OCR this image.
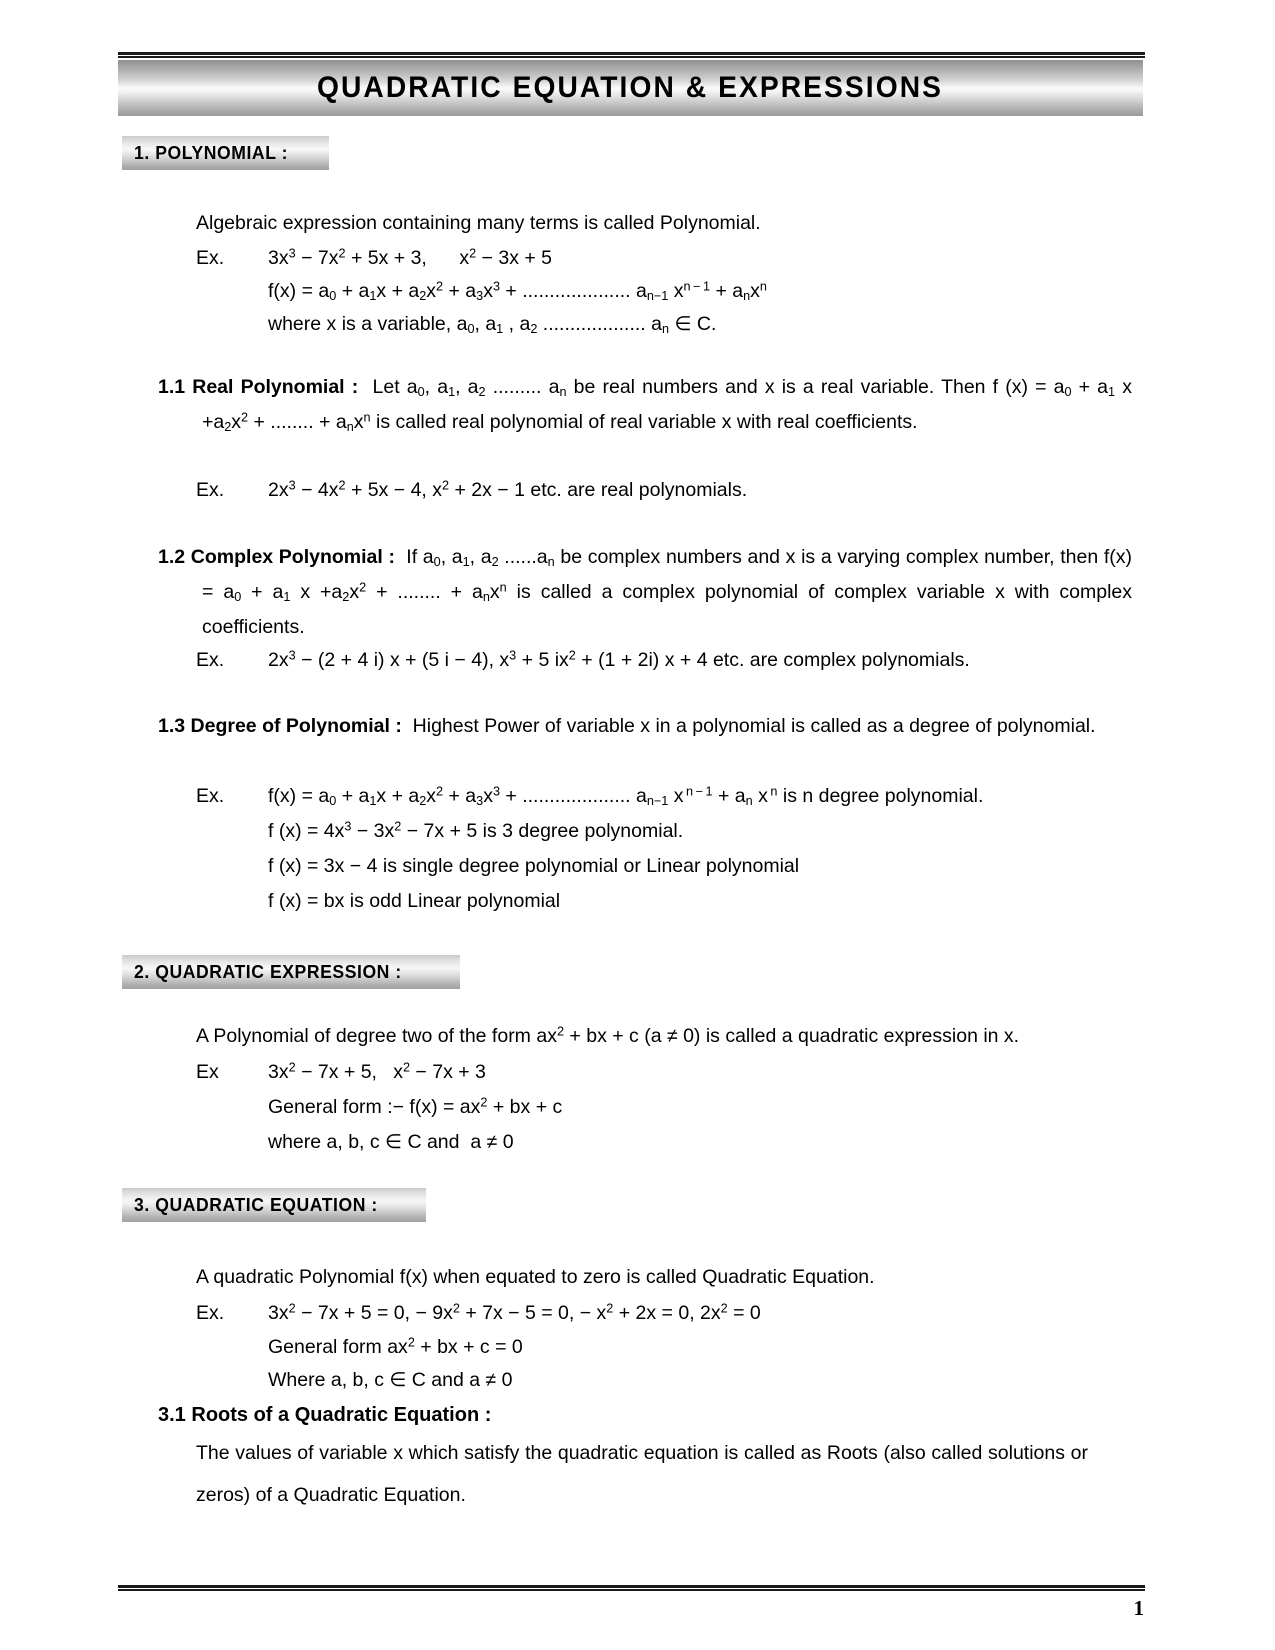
QUADRATIC EQUATION & EXPRESSIONS
1. POLYNOMIAL :
Algebraic expression containing many terms is called Polynomial.
Ex.	$3x^3 - 7x^2 + 5x + 3$,      $x^2 - 3x + 5$
$f(x) = a_0 + a_1x + a_2x^2 + a_3x^3$ + .................... $a_{n-1}$ $x^{n - 1} + a_nx^n$
where x is a variable, $a_0$, $a_1$ , $a_2$ ................... $a_n$ ∈ C.
1.1 Real Polynomial : Let $a_0$, $a_1$, $a_2$ ......... $a_n$ be real numbers and x is a real variable. Then f $(x) = a_0 + a_1$ $x +a_2x^2$ + ........ + $a_nx^n$ is called real polynomial of real variable x with real coefficients.
Ex.	$2x^3 - 4x^2 + 5x - 4$, $x^2 + 2x - 1$ etc. are real polynomials.
1.2 Complex Polynomial : If $a_0$, $a_1$, $a_2$ $......a_n$ be complex numbers and x is a varying complex number, then $f(x) = a_0 + a_1$ $x +a_2x^2$ + ........ + $a_nx^n$ is called a complex polynomial of complex variable x with complex coefficients.
Ex.	$2x^3 - (2 + 4$ i) x + (5 i − 4), $x^3 + 5$ $ix^2 + (1 + 2i) x + 4$ etc. are complex polynomials.
1.3 Degree of Polynomial : Highest Power of variable x in a polynomial is called as a degree of polynomial.
Ex.	$f(x) = a_0 + a_1x + a_2x^2 + a_3x^3$ + .................... $a_{n-1}$ x $^{n - 1} + a_n$ x $^n$ is n degree polynomial.
f $(x) = 4x^3 - 3x^2 - 7x + 5$ is 3 degree polynomial.
f (x) = 3x − 4 is single degree polynomial or Linear polynomial
f (x) = bx is odd Linear polynomial
2. QUADRATIC EXPRESSION :
A Polynomial of degree two of the form $ax^2$ + bx + c (a ≠ 0) is called a quadratic expression in x.
Ex	$3x^2 - 7x + 5$,   $x^2 - 7x + 3$
General form :− $f(x) = ax^2$ + bx + c
where a, b, c ∈ C and  a ≠ 0
3. QUADRATIC EQUATION :
A quadratic Polynomial f(x) when equated to zero is called Quadratic Equation.
Ex.	$3x^2 - 7x + 5 = 0$, − $9x^2 + 7x - 5 = 0$, − $x^2 + 2x = 0$, $2x^2 = 0$
General form $ax^2$ + bx + c = 0
Where a, b, c ∈ C and a ≠ 0
3.1 Roots of a Quadratic Equation :

The values of variable x which satisfy the quadratic equation is called as Roots (also called solutions or zeros) of a Quadratic Equation.

1
